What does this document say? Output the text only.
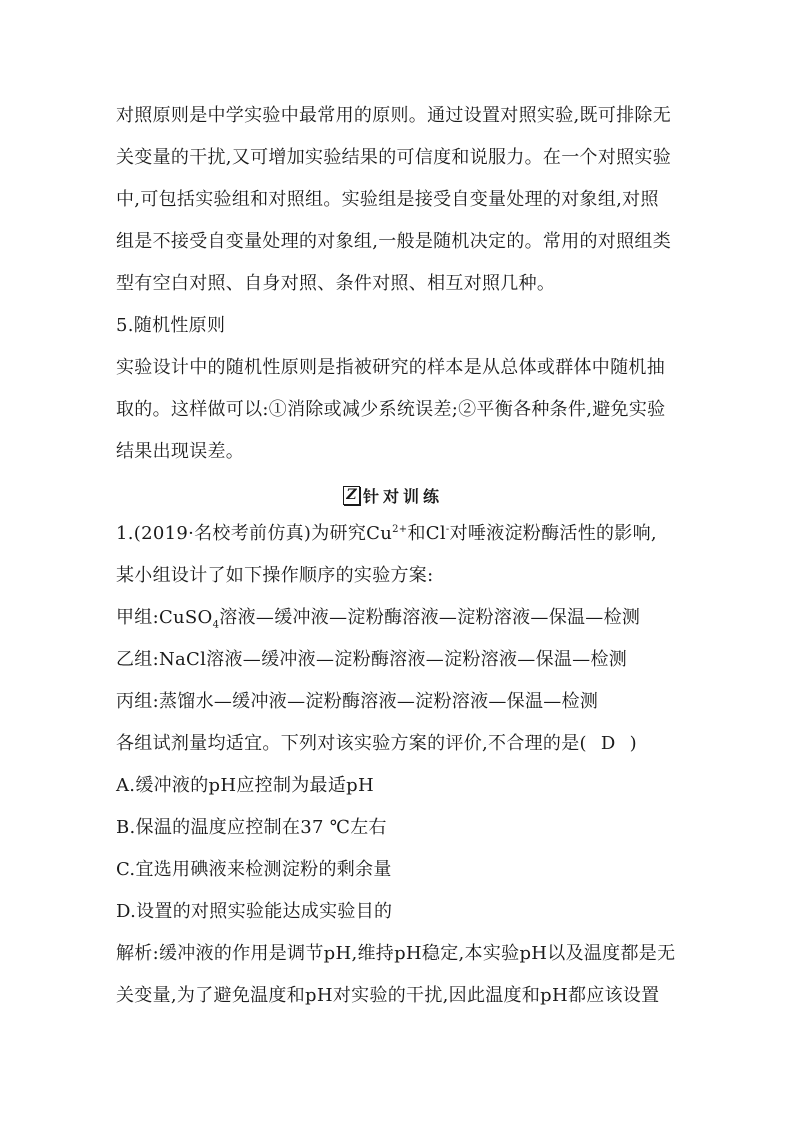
对照原则是中学实验中最常用的原则。通过设置对照实验,既可排除无
关变量的干扰,又可增加实验结果的可信度和说服力。在一个对照实验
中,可包括实验组和对照组。实验组是接受自变量处理的对象组,对照
组是不接受自变量处理的对象组,一般是随机决定的。常用的对照组类
型有空白对照、自身对照、条件对照、相互对照几种。
5.随机性原则
实验设计中的随机性原则是指被研究的样本是从总体或群体中随机抽
取的。这样做可以:①消除或减少系统误差;②平衡各种条件,避免实验
结果出现误差。
Z 针对训练
1.(2019·名校考前仿真)为研究$Cu^{2+}$和Cl-对唾液淀粉酶活性的影响,
某小组设计了如下操作顺序的实验方案:
甲组:CuSO$_4$溶液—缓冲液—淀粉酶溶液—淀粉溶液—保温—检测
乙组:NaCl溶液—缓冲液—淀粉酶溶液—淀粉溶液—保温—检测
丙组:蒸馏水—缓冲液—淀粉酶溶液—淀粉溶液—保温—检测
各组试剂量均适宜。下列对该实验方案的评价,不合理的是( D )
A.缓冲液的pH应控制为最适pH
B.保温的温度应控制在37 ℃左右
C.宜选用碘液来检测淀粉的剩余量
D.设置的对照实验能达成实验目的
解析:缓冲液的作用是调节pH,维持pH稳定,本实验pH以及温度都是无
关变量,为了避免温度和pH对实验的干扰,因此温度和pH都应该设置
